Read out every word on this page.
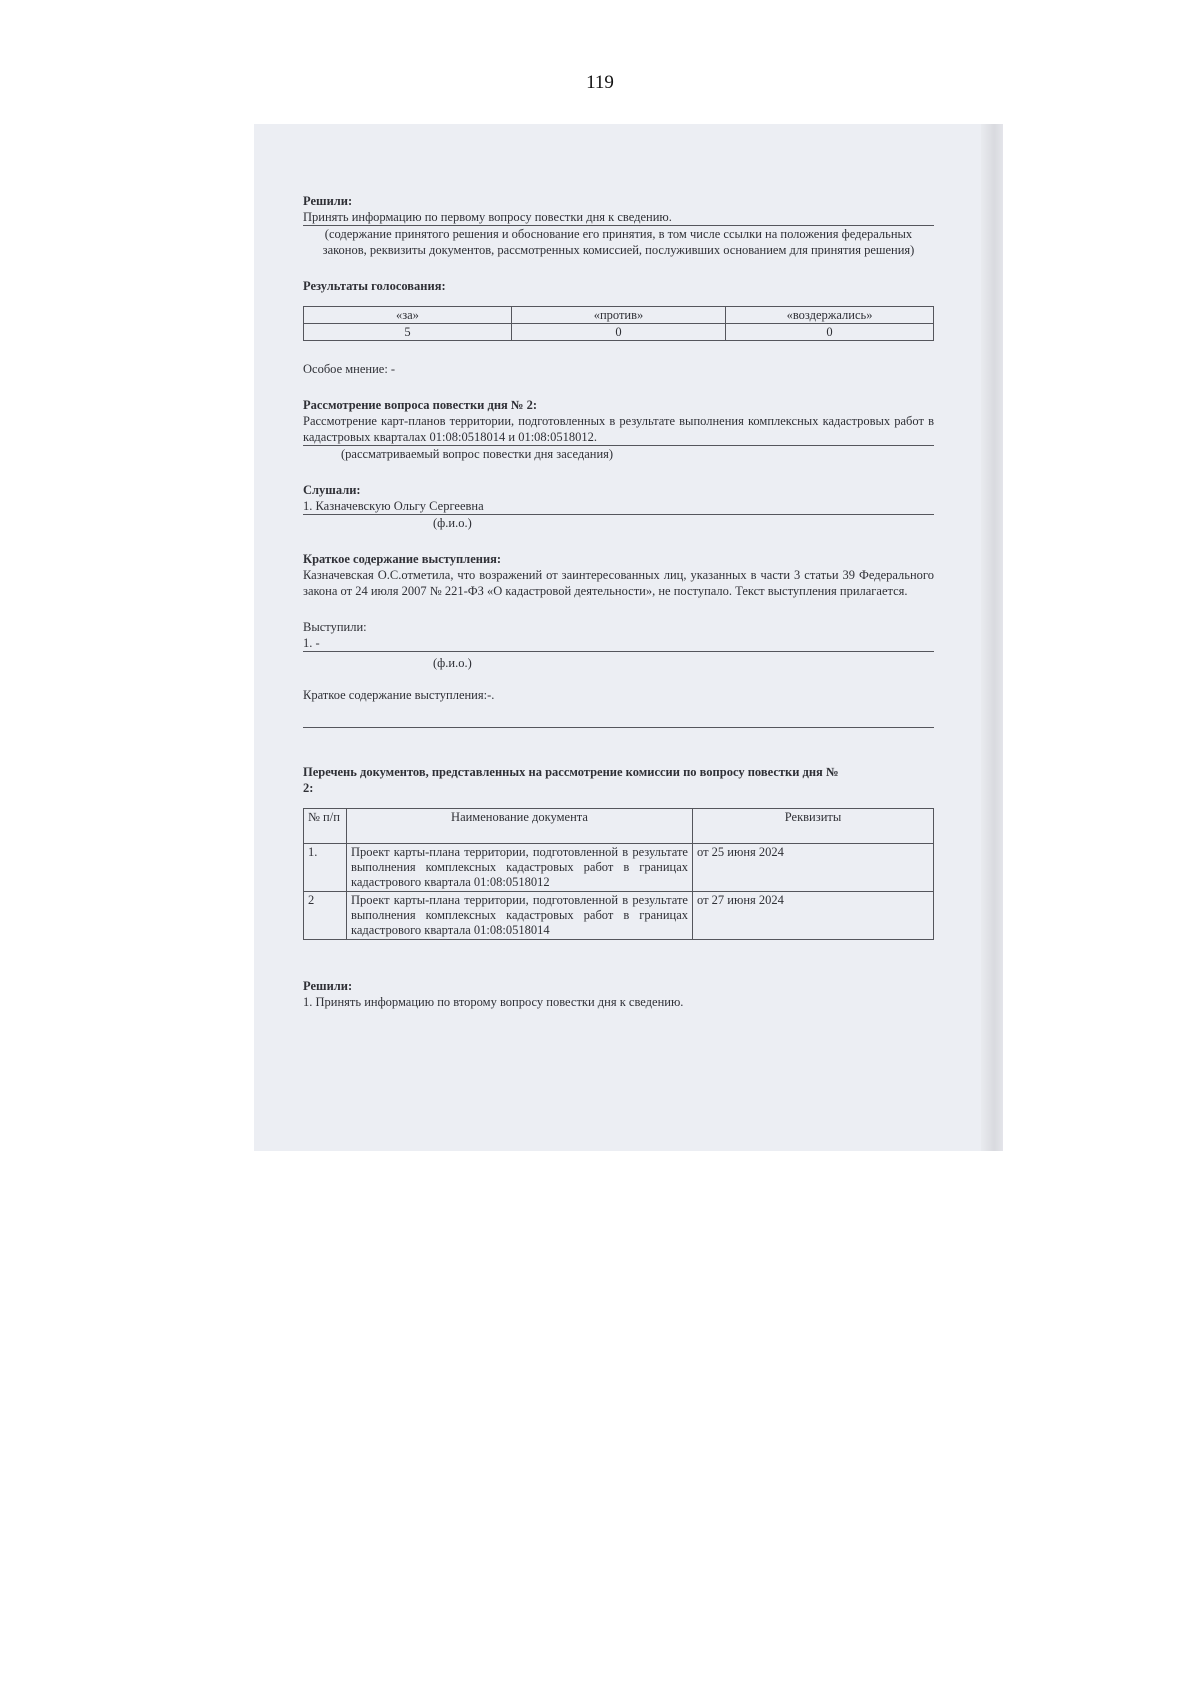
119

Решили:

Принять информацию по первому вопросу повестки дня к сведению.

(содержание принятого решения и обоснование его принятия, в том числе ссылки на положения федеральных законов, реквизиты документов, рассмотренных комиссией, послуживших основанием для принятия решения)

Результаты голосования:

«за»	«против»	«воздержались»
5	0	0

Особое мнение: -

Рассмотрение вопроса повестки дня № 2:

Рассмотрение карт-планов территории, подготовленных в результате выполнения комплексных кадастровых работ в кадастровых кварталах 01:08:0518014 и 01:08:0518012.

(рассматриваемый вопрос повестки дня заседания)

Слушали:

1. Казначевскую Ольгу Сергеевна

(ф.и.о.)

Краткое содержание выступления:

Казначевская О.С.отметила, что возражений от заинтересованных лиц, указанных в части 3 статьи 39 Федерального закона от 24 июля 2007 № 221-ФЗ «О кадастровой деятельности», не поступало. Текст выступления прилагается.

Выступили:

1. -

(ф.и.о.)

Краткое содержание выступления:-.

Перечень документов, представленных на рассмотрение комиссии по вопросу повестки дня № 2:

№ п/п	Наименование документа	Реквизиты
1.	Проект карты-плана территории, подготовленной в результате выполнения комплексных кадастровых работ в границах кадастрового квартала 01:08:0518012	от 25 июня 2024
2	Проект карты-плана территории, подготовленной в результате выполнения комплексных кадастровых работ в границах кадастрового квартала 01:08:0518014	от 27 июня 2024

Решили:

1. Принять информацию по второму вопросу повестки дня к сведению.
